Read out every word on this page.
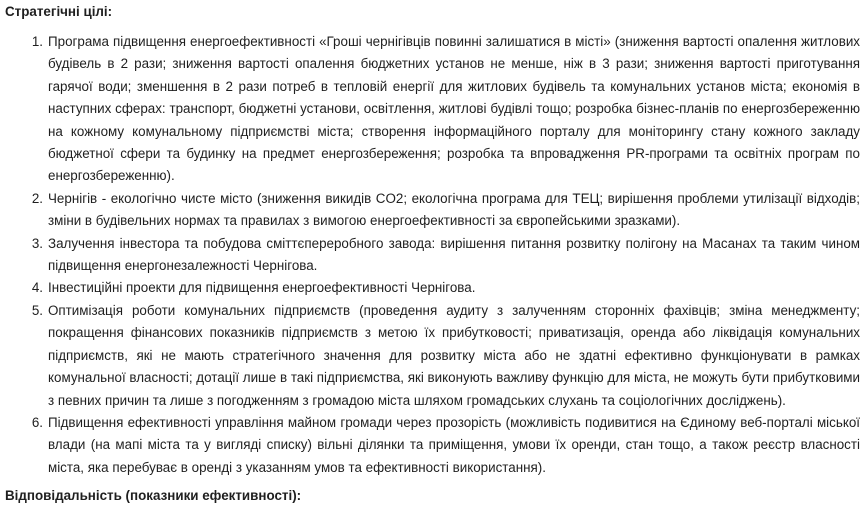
Стратегічні цілі:

1. Програма підвищення енергоефективності «Гроші чернігівців повинні залишатися в місті» (зниження вартості опалення житлових будівель в 2 рази; зниження вартості опалення бюджетних установ не менше, ніж в 3 рази; зниження вартості приготування гарячої води; зменшення в 2 рази потреб в тепловій енергії для житлових будівель та комунальних установ міста; економія в наступних сферах: транспорт, бюджетні установи, освітлення, житлові будівлі тощо; розробка бізнес-планів по енергозбереженню на кожному комунальному підприємстві міста; створення інформаційного порталу для моніторингу стану кожного закладу бюджетної сфери та будинку на предмет енергозбереження; розробка та впровадження PR-програми та освітніх програм по енергозбереженню).

2. Чернігів - екологічно чисте місто (зниження викидів CO2; екологічна програма для ТЕЦ; вирішення проблеми утилізації відходів; зміни в будівельних нормах та правилах з вимогою енергоефективності за європейськими зразками).

3. Залучення інвестора та побудова сміттєпереробного завода: вирішення питання розвитку полігону на Масанах та таким чином підвищення енергонезалежності Чернігова.

4. Інвестиційні проекти для підвищення енергоефективності Чернігова.

5. Оптимізація роботи комунальних підприємств (проведення аудиту з залученням сторонніх фахівців; зміна менеджменту; покращення фінансових показників підприємств з метою їх прибутковості; приватизація, оренда або ліквідація комунальних підприємств, які не мають стратегічного значення для розвитку міста або не здатні ефективно функціонувати в рамках комунальної власності; дотації лише в такі підприємства, які виконують важливу функцію для міста, не можуть бути прибутковими з певних причин та лише з погодженням з громадою міста шляхом громадських слухань та соціологічних досліджень).

6. Підвищення ефективності управління майном громади через прозорість (можливість подивитися на Єдиному веб-порталі міської влади (на мапі міста та у вигляді списку) вільні ділянки та приміщення, умови їх оренди, стан тощо, а також реєстр власності міста, яка перебуває в оренді з указанням умов та ефективності використання).

Відповідальність (показники ефективності):
